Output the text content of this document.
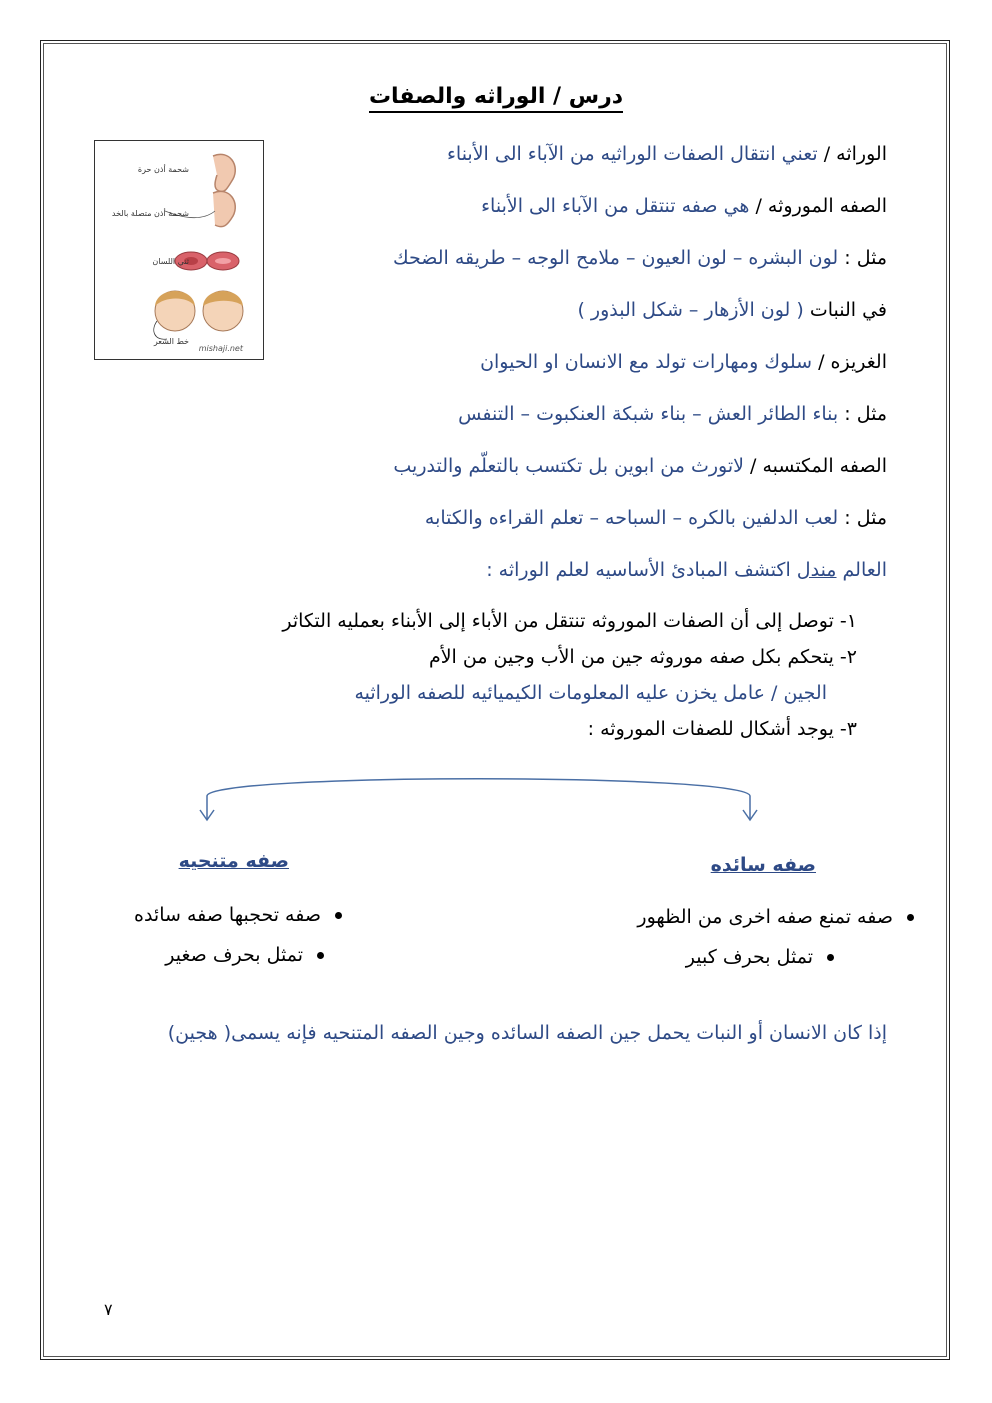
درس / الوراثه والصفات
شحمة أذن حرة
شحمة أذن متصلة بالخد
ثني اللسان
خط الشعر
mishaji.net
الوراثه / تعني انتقال الصفات الوراثيه من الآباء الى الأبناء
الصفه الموروثه / هي صفه تنتقل من الآباء الى الأبناء
مثل : لون البشره – لون العيون – ملامح الوجه – طريقه الضحك
في النبات ( لون الأزهار – شكل البذور )
الغريزه / سلوك ومهارات تولد مع الانسان او الحيوان
مثل : بناء الطائر العش – بناء شبكة العنكبوت – التنفس
الصفه المكتسبه / لاتورث من ابوين بل تكتسب بالتعلّم والتدريب
مثل : لعب الدلفين بالكره – السباحه – تعلم القراءه والكتابه
العالم مندل اكتشف المبادئ الأساسيه لعلم الوراثه :
١- توصل إلى أن الصفات الموروثه تنتقل من الأباء إلى الأبناء بعمليه التكاثر
٢- يتحكم بكل صفه موروثه جين من الأب وجين من الأم
الجين / عامل يخزن عليه المعلومات الكيميائيه للصفه الوراثيه
٣- يوجد أشكال للصفات الموروثه :
صفه سائده
صفه تمنع صفه اخرى من الظهور
تمثل بحرف كبير
صفه متنحيه
صفه تحجبها صفه سائده
تمثل بحرف صغير
إذا كان الانسان أو النبات يحمل جين الصفه السائده وجين الصفه المتنحيه فإنه يسمى( هجين)
٧
